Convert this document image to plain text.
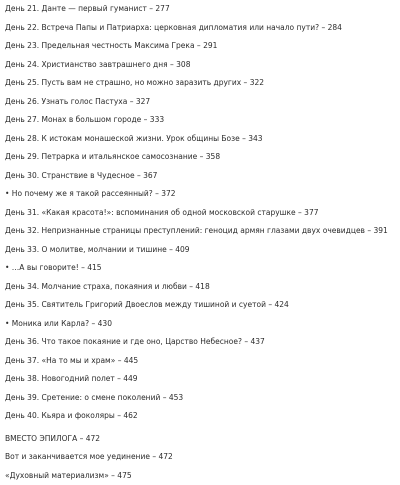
День 21. Данте — первый гуманист – 277
День 22. Встреча Папы и Патриарха: церковная дипломатия или начало пути? – 284
День 23. Предельная честность Максима Грека – 291
День 24. Христианство завтрашнего дня – 308
День 25. Пусть вам не страшно, но можно заразить других – 322
День 26. Узнать голос Пастуха – 327
День 27. Монах в большом городе – 333
День 28. К истокам монашеской жизни. Урок общины Бозе – 343
День 29. Петрарка и итальянское самосознание – 358
День 30. Странствие в Чудесное – 367
• Но почему же я такой рассеянный? – 372
День 31. «Какая красота!»: вспоминания об одной московской старушке – 377
День 32. Непризнанные страницы преступлений: геноцид армян глазами двух очевидцев – 391
День 33. О молитве, молчании и тишине – 409
• …А вы говорите! – 415
День 34. Молчание страха, покаяния и любви – 418
День 35. Святитель Григорий Двоеслов между тишиной и суетой – 424
• Моника или Карла? – 430
День 36. Что такое покаяние и где оно, Царство Небесное? – 437
День 37. «На то мы и храм» – 445
День 38. Новогодний полет – 449
День 39. Сретение: о смене поколений – 453
День 40. Кьяра и фоколяры – 462
ВМЕСТО ЭПИЛОГА – 472
Вот и заканчивается мое уединение – 472
«Духовный материализм» – 475
